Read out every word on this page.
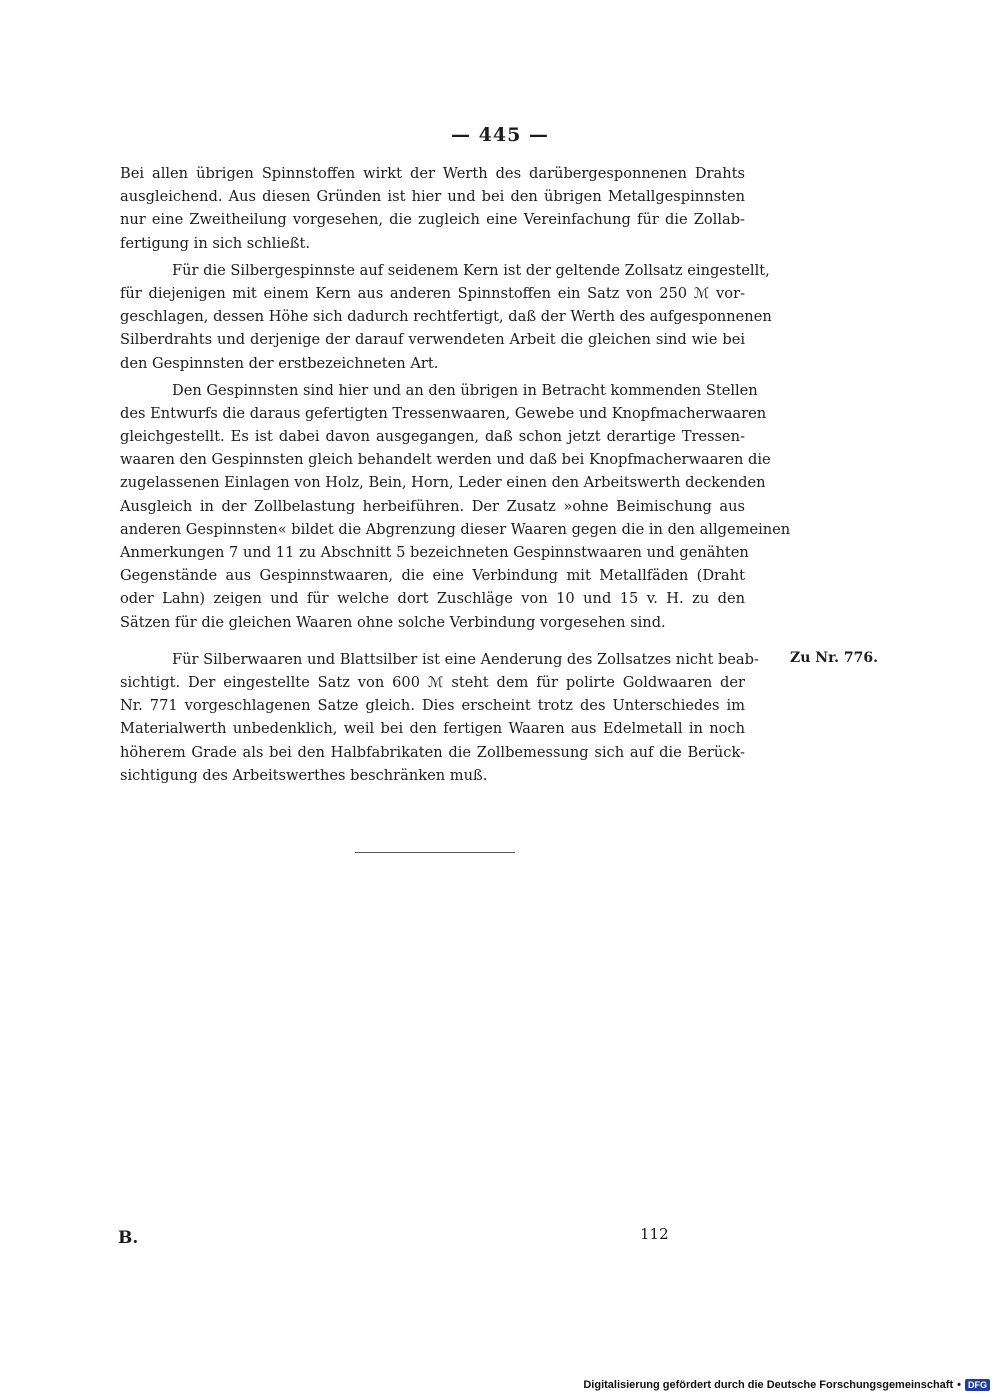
— 445 —
Bei allen übrigen Spinnstoffen wirkt der Werth des darübergesponnenen Drahts
ausgleichend. Aus diesen Gründen ist hier und bei den übrigen Metallgespinnsten
nur eine Zweitheilung vorgesehen, die zugleich eine Vereinfachung für die Zollab-
fertigung in sich schließt.
Für die Silbergespinnste auf seidenem Kern ist der geltende Zollsatz eingestellt,
für diejenigen mit einem Kern aus anderen Spinnstoffen ein Satz von 250 ℳ vor-
geschlagen, dessen Höhe sich dadurch rechtfertigt, daß der Werth des aufgesponnenen
Silberdrahts und derjenige der darauf verwendeten Arbeit die gleichen sind wie bei
den Gespinnsten der erstbezeichneten Art.
Den Gespinnsten sind hier und an den übrigen in Betracht kommenden Stellen
des Entwurfs die daraus gefertigten Tressenwaaren, Gewebe und Knopfmacherwaaren
gleichgestellt. Es ist dabei davon ausgegangen, daß schon jetzt derartige Tressen-
waaren den Gespinnsten gleich behandelt werden und daß bei Knopfmacherwaaren die
zugelassenen Einlagen von Holz, Bein, Horn, Leder einen den Arbeitswerth deckenden
Ausgleich in der Zollbelastung herbeiführen. Der Zusatz »ohne Beimischung aus
anderen Gespinnsten« bildet die Abgrenzung dieser Waaren gegen die in den allgemeinen
Anmerkungen 7 und 11 zu Abschnitt 5 bezeichneten Gespinnstwaaren und genähten
Gegenstände aus Gespinnstwaaren, die eine Verbindung mit Metallfäden (Draht
oder Lahn) zeigen und für welche dort Zuschläge von 10 und 15 v. H. zu den
Sätzen für die gleichen Waaren ohne solche Verbindung vorgesehen sind.
Für Silberwaaren und Blattsilber ist eine Aenderung des Zollsatzes nicht beab-
sichtigt. Der eingestellte Satz von 600 ℳ steht dem für polirte Goldwaaren der
Nr. 771 vorgeschlagenen Satze gleich. Dies erscheint trotz des Unterschiedes im
Materialwerth unbedenklich, weil bei den fertigen Waaren aus Edelmetall in noch
höherem Grade als bei den Halbfabrikaten die Zollbemessung sich auf die Berück-
sichtigung des Arbeitswerthes beschränken muß.
Zu Nr. 776.
B.	112
Digitalisierung gefördert durch die Deutsche Forschungsgemeinschaft • DFG
